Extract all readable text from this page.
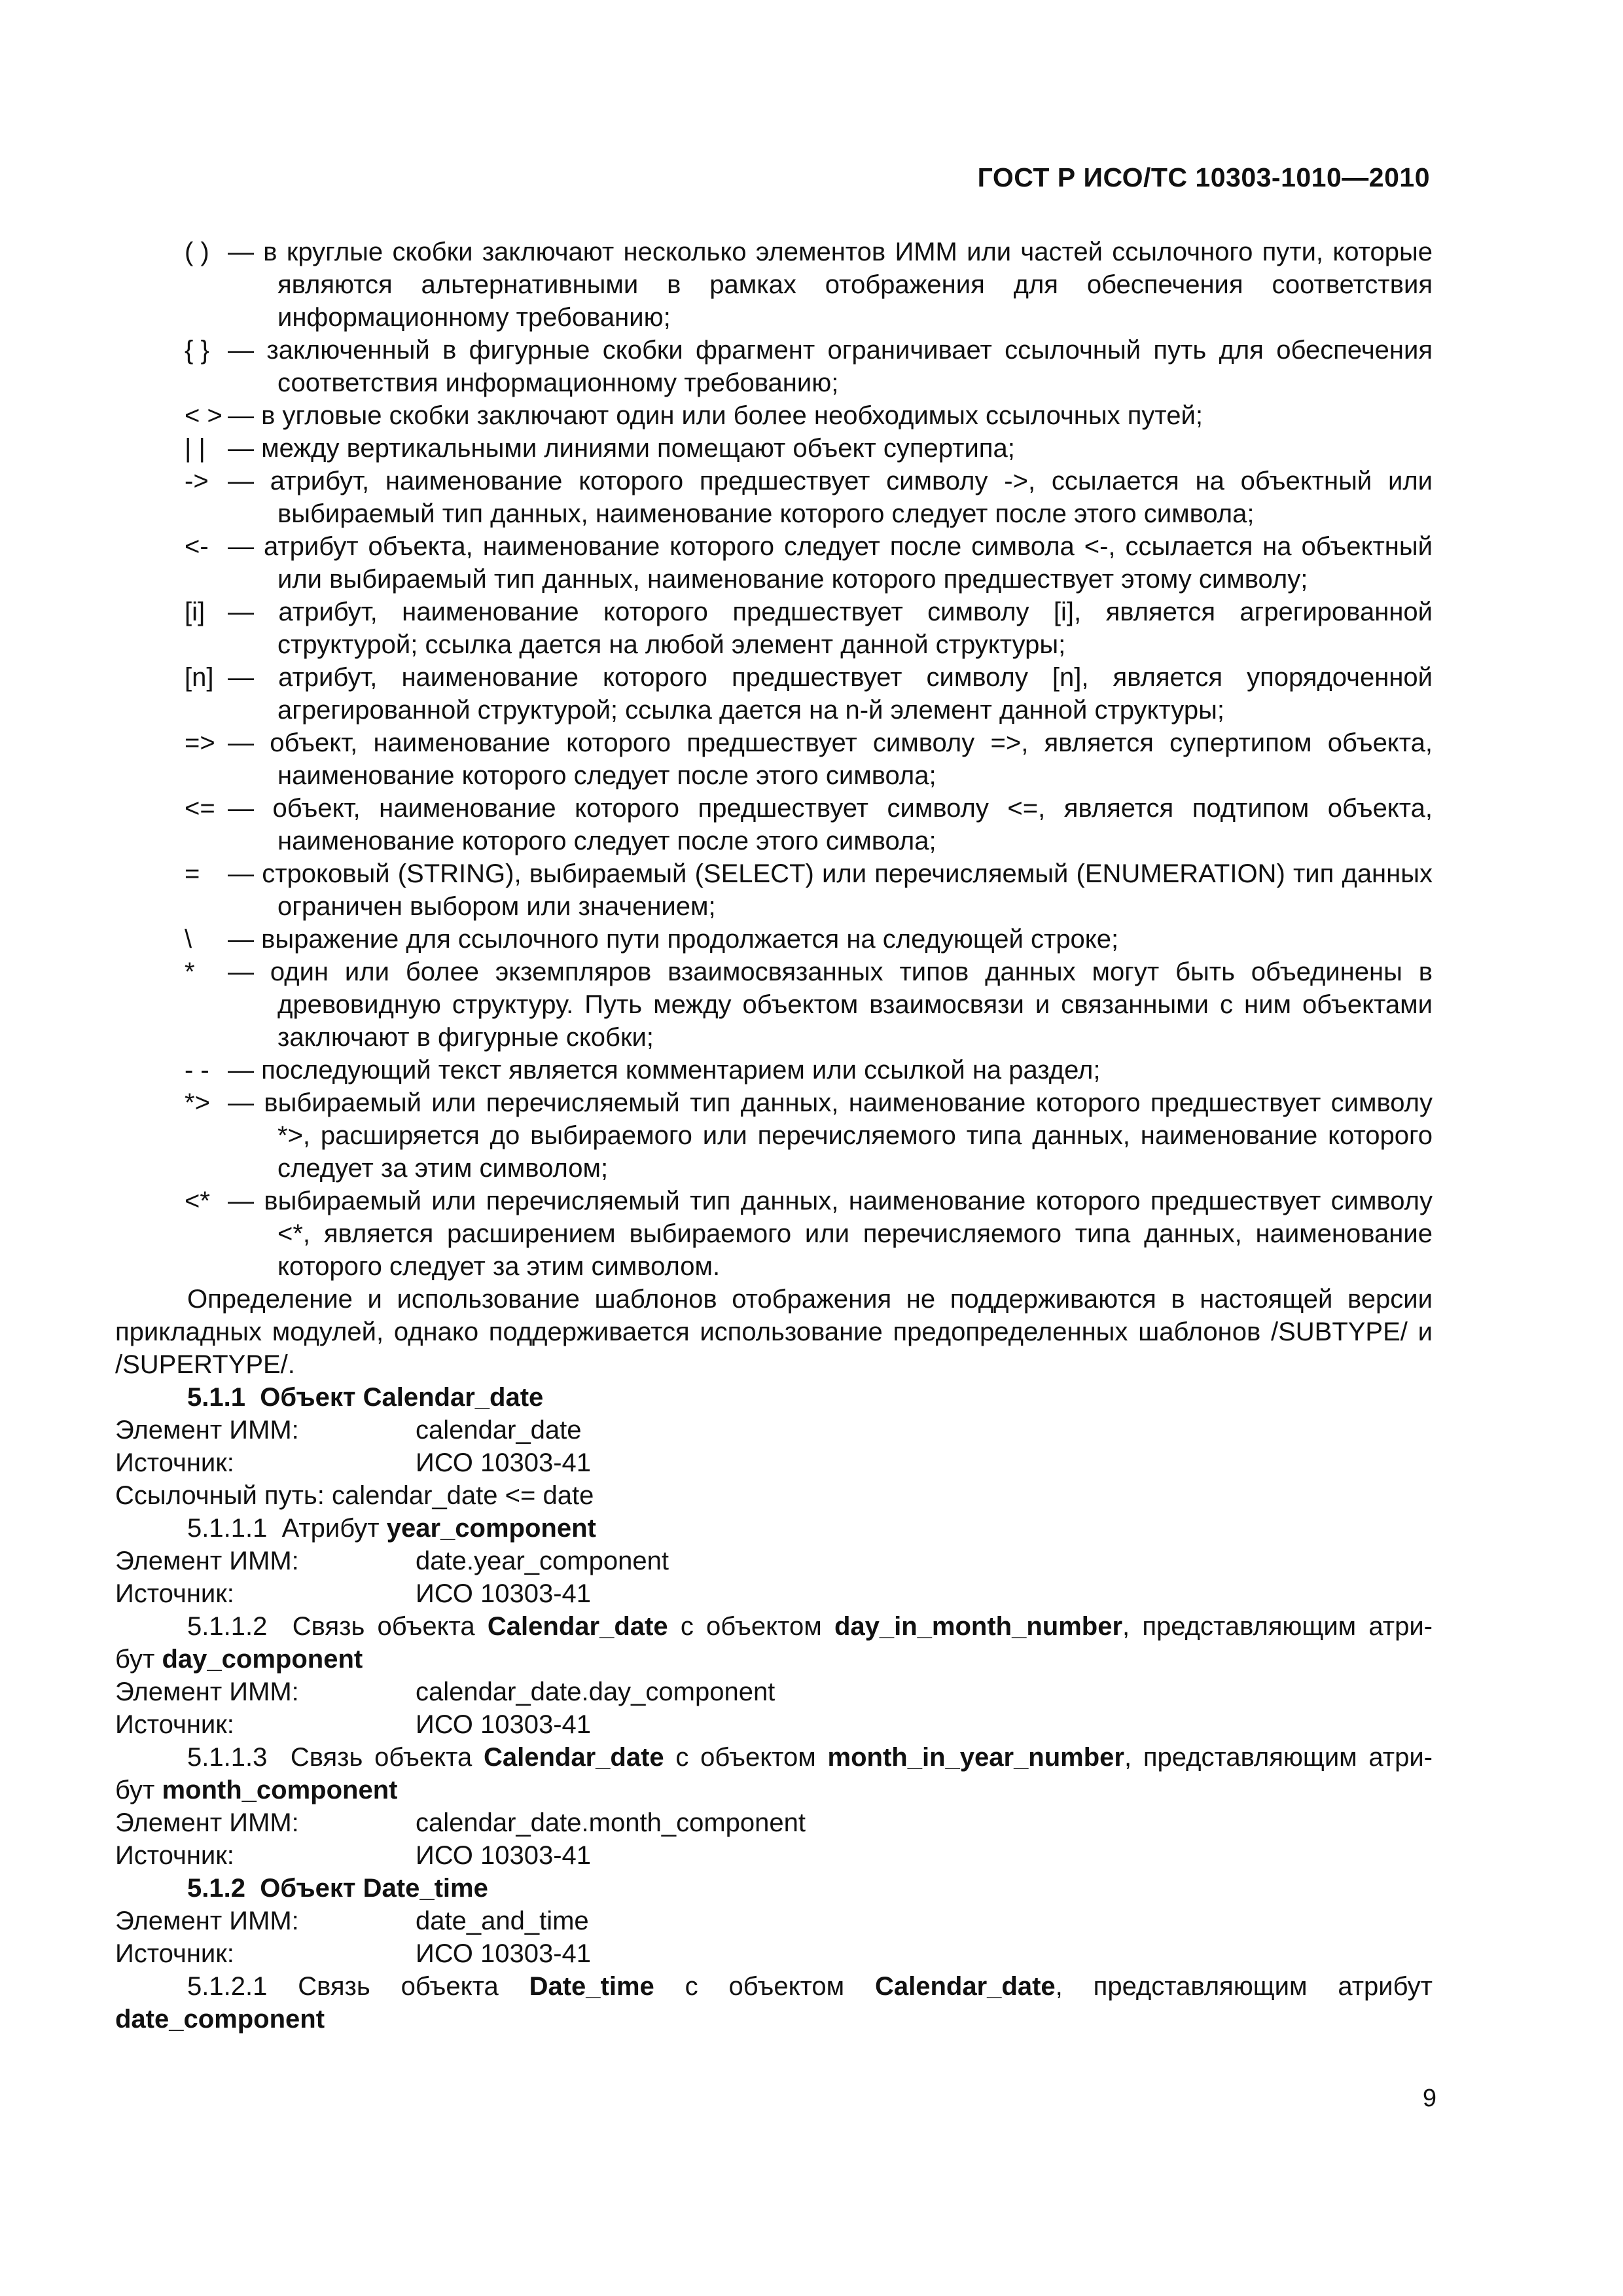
ГОСТ Р ИСО/ТС 10303-1010—2010
( ) — в круглые скобки заключают несколько элементов ИММ или частей ссылочного пути, которые являются альтернативными в рамках отображения для обеспечения соответствия информационному требованию;
{ } — заключенный в фигурные скобки фрагмент ограничивает ссылочный путь для обеспечения соответствия информационному требованию;
< > — в угловые скобки заключают один или более необходимых ссылочных путей;
| | — между вертикальными линиями помещают объект супертипа;
-> — атрибут, наименование которого предшествует символу ->, ссылается на объектный или выбираемый тип данных, наименование которого следует после этого символа;
<- — атрибут объекта, наименование которого следует после символа <-, ссылается на объектный или выбираемый тип данных, наименование которого предшествует этому символу;
[i] — атрибут, наименование которого предшествует символу [i], является агрегированной структурой; ссылка дается на любой элемент данной структуры;
[n] — атрибут, наименование которого предшествует символу [n], является упорядоченной агрегированной структурой; ссылка дается на n-й элемент данной структуры;
=> — объект, наименование которого предшествует символу =>, является супертипом объекта, наименование которого следует после этого символа;
<= — объект, наименование которого предшествует символу <=, является подтипом объекта, наименование которого следует после этого символа;
=	— строковый (STRING), выбираемый (SELECT) или перечисляемый (ENUMERATION) тип данных ограничен выбором или значением;
\	— выражение для ссылочного пути продолжается на следующей строке;
*	— один или более экземпляров взаимосвязанных типов данных могут быть объединены в древовидную структуру. Путь между объектом взаимосвязи и связанными с ним объектами заключают в фигурные скобки;
- - — последующий текст является комментарием или ссылкой на раздел;
*> — выбираемый или перечисляемый тип данных, наименование которого предшествует символу *>, расширяется до выбираемого или перечисляемого типа данных, наименование которого следует за этим символом;
<* — выбираемый или перечисляемый тип данных, наименование которого предшествует символу <*, является расширением выбираемого или перечисляемого типа данных, наименование которого следует за этим символом.
Определение и использование шаблонов отображения не поддерживаются в настоящей версии прикладных модулей, однако поддерживается использование предопределенных шаблонов /SUBTYPE/ и /SUPERTYPE/.
5.1.1 Объект Calendar_date
Элемент ИММ:	calendar_date
Источник:	ИСО 10303-41
Ссылочный путь: calendar_date <= date
5.1.1.1 Атрибут year_component
Элемент ИММ:	date.year_component
Источник:	ИСО 10303-41
5.1.1.2 Связь объекта Calendar_date с объектом day_in_month_number, представляющим атри-
бут day_component
Элемент ИММ:	calendar_date.day_component
Источник:	ИСО 10303-41
5.1.1.3 Связь объекта Calendar_date с объектом month_in_year_number, представляющим атри-
бут month_component
Элемент ИММ:	calendar_date.month_component
Источник:	ИСО 10303-41
5.1.2 Объект Date_time
Элемент ИММ:	date_and_time
Источник:	ИСО 10303-41
5.1.2.1 Связь объекта Date_time с объектом Calendar_date, представляющим атрибут
date_component
9
